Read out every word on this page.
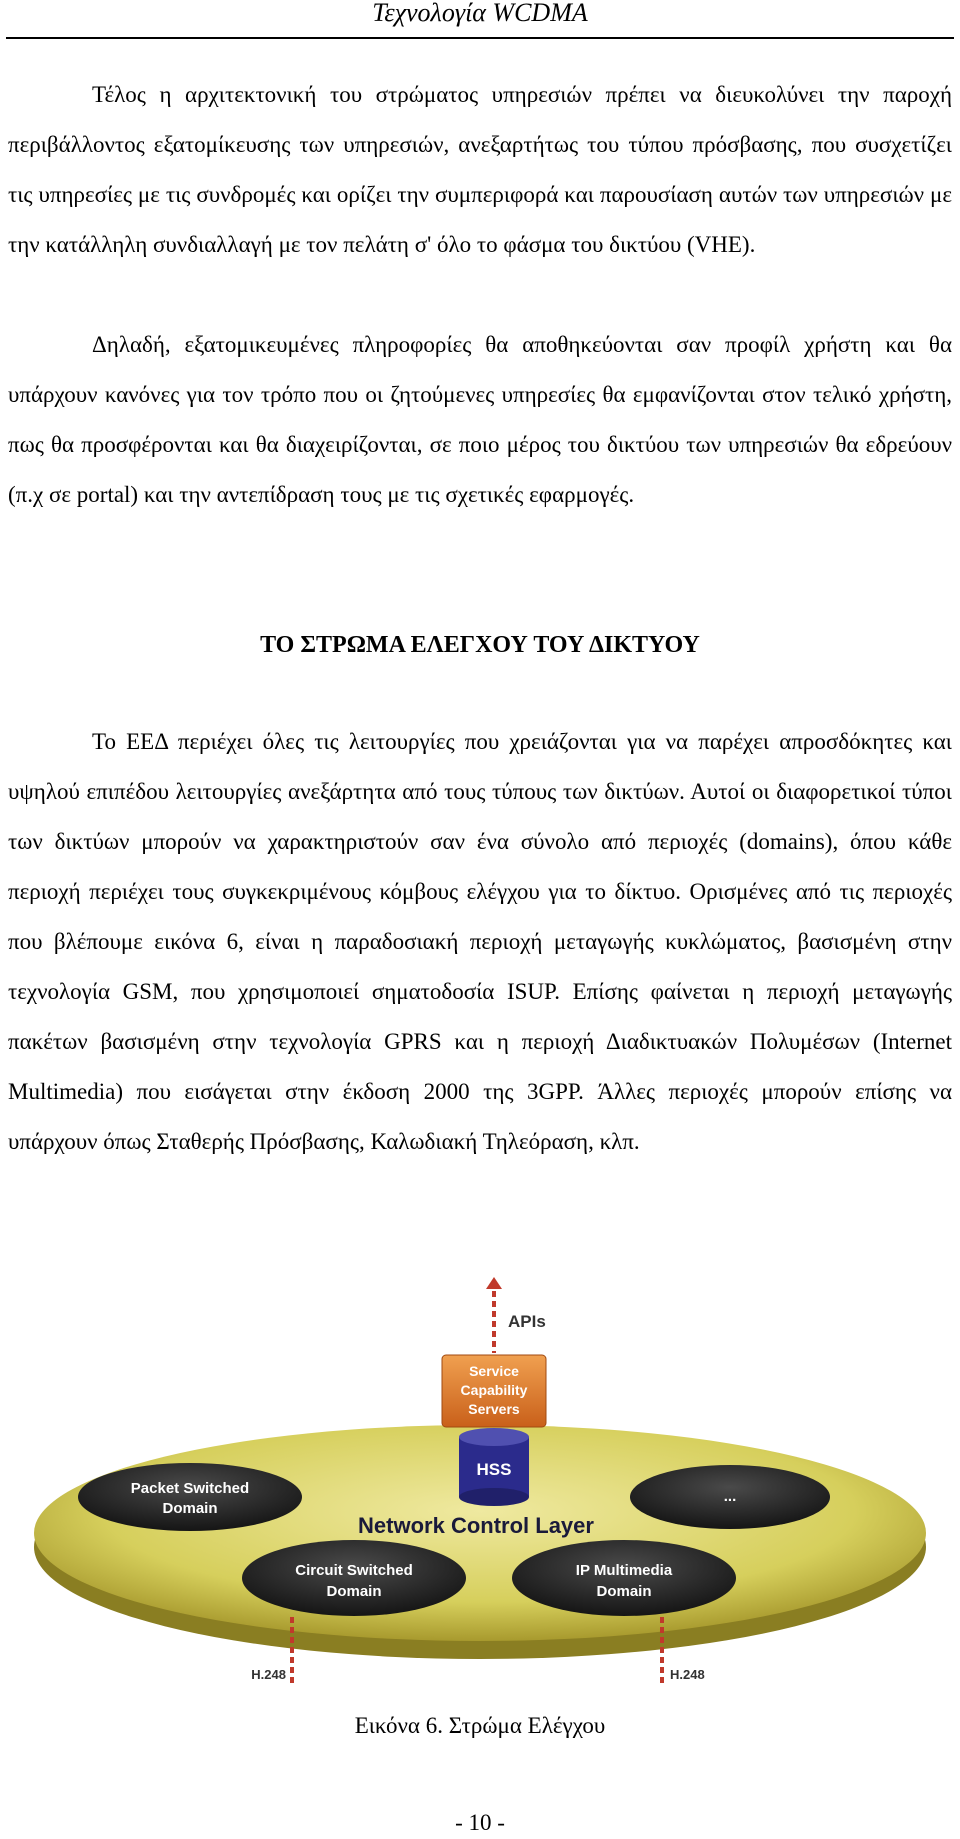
Τεχνολογία WCDMA

Τέλος η αρχιτεκτονική του στρώματος υπηρεσιών πρέπει να διευκολύνει την παροχή περιβάλλοντος εξατομίκευσης των υπηρεσιών, ανεξαρτήτως του τύπου πρόσβασης, που συσχετίζει τις υπηρεσίες με τις συνδρομές και ορίζει την συμπεριφορά και παρουσίαση αυτών των υπηρεσιών με την κατάλληλη συνδιαλλαγή με τον πελάτη σ' όλο το φάσμα του δικτύου (VHE).

Δηλαδή, εξατομικευμένες πληροφορίες θα αποθηκεύονται σαν προφίλ χρήστη και θα υπάρχουν κανόνες για τον τρόπο που οι ζητούμενες υπηρεσίες θα εμφανίζονται στον τελικό χρήστη, πως θα προσφέρονται και θα διαχειρίζονται, σε ποιο μέρος του δικτύου των υπηρεσιών θα εδρεύουν (π.χ σε portal) και την αντεπίδραση τους με τις σχετικές εφαρμογές.

ΤΟ ΣΤΡΩΜΑ ΕΛΕΓΧΟΥ ΤΟΥ ΔΙΚΤΥΟΥ

Το ΕΕΔ περιέχει όλες τις λειτουργίες που χρειάζονται για να παρέχει απροσδόκητες και υψηλού επιπέδου λειτουργίες ανεξάρτητα από τους τύπους των δικτύων. Αυτοί οι διαφορετικοί τύποι των δικτύων μπορούν να χαρακτηριστούν σαν ένα σύνολο από περιοχές (domains), όπου κάθε περιοχή περιέχει τους συγκεκριμένους κόμβους ελέγχου για το δίκτυο. Ορισμένες από τις περιοχές που βλέπουμε εικόνα 6, είναι η παραδοσιακή περιοχή μεταγωγής κυκλώματος, βασισμένη στην τεχνολογία GSM, που χρησιμοποιεί σηματοδοσία ISUP. Επίσης φαίνεται η περιοχή μεταγωγής πακέτων βασισμένη στην τεχνολογία GPRS και η περιοχή Διαδικτυακών Πολυμέσων (Internet Multimedia) που εισάγεται στην έκδοση 2000 της 3GPP. Άλλες περιοχές μπορούν επίσης να υπάρχουν όπως Σταθερής Πρόσβασης, Καλωδιακή Τηλεόραση, κλπ.

APIs
Service
Capability
Servers
HSS
Network Control Layer
Packet Switched
Domain
...
Circuit Switched
Domain
IP Multimedia
Domain
H.248	H.248
Εικόνα 6. Στρώμα Ελέγχου
- 10 -
